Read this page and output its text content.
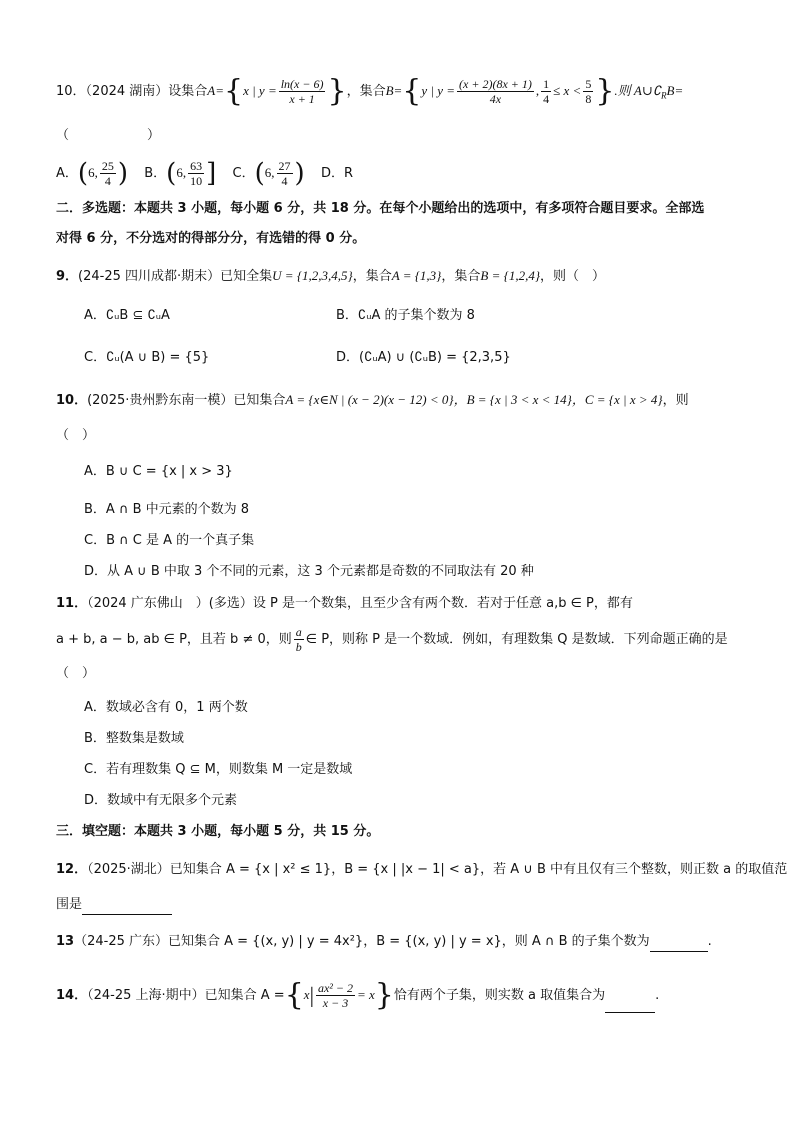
10．（2024 湖南）设集合A={x | $y = \frac{\ln(x - 6)}{x + 1}$ }，集合B={y | $y = \frac{(x + 2)(8x + 1)}{4x}$ , $\frac{1}{4} \le x < \frac{5}{8}$ }.则 $A\cup∁_RB=$
（　　　　　　）
A．(6, $\frac{25}{4}$ ) B．(6, $\frac{63}{10}$ ] C．(6, $\frac{27}{4}$ ) D．R
二．多选题：本题共 3 小题，每小题 6 分，共 18 分。在每个小题给出的选项中，有多项符合题目要求。全部选
对得 6 分，不分选对的得部分分，有选错的得 0 分。
9．(24-25 四川成都·期末）已知全集U = {1,2,3,4,5}，集合A = {1,3}，集合B = {1,2,4}，则（　）
A．∁ᵤB ⊆ ∁ᵤA	B．∁ᵤA 的子集个数为 8
C．∁ᵤ(A ∪ B) = {5}	D．(∁ᵤA) ∪ (∁ᵤB) = {2,3,5}
10．(2025·贵州黔东南一模）已知集合A = {x∈N | (x − 2)(x − 12) < 0}，B = {x | 3 < x < 14}，C = {x | x > 4}，则
（　）
A．B ∪ C = {x | x > 3}
B．A ∩ B 中元素的个数为 8
C．B ∩ C 是 A 的一个真子集
D．从 A ∪ B 中取 3 个不同的元素，这 3 个元素都是奇数的不同取法有 20 种
11．（2024 广东佛山　）(多选）设 P 是一个数集，且至少含有两个数．若对于任意 a,b ∈ P，都有
a + b, a − b, ab ∈ P，且若 b ≠ 0，则 $\frac{a}{b}$ ∈ P，则称 P 是一个数域．例如，有理数集 Q 是数域．下列命题正确的是
（　）
A．数域必含有 0，1 两个数
B．整数集是数域
C．若有理数集 Q ⊆ M，则数集 M 一定是数域
D．数域中有无限多个元素
三．填空题：本题共 3 小题，每小题 5 分，共 15 分。
12．（2025·湖北）已知集合 A = {x | x² ≤ 1}，B = {x | |x − 1| < a}，若 A ∪ B 中有且仅有三个整数，则正数 a 的取值范
围是
13（24-25 广东）已知集合 A = {(x, y) | y = 4x²}，B = {(x, y) | y = x}，则 A ∩ B 的子集个数为	.
14．（24-25 上海·期中）已知集合 $A =\{x| \frac{\text{ax² − 2}}{x - 3} = x\}$恰有两个子集，则实数 a 取值集合为	.
